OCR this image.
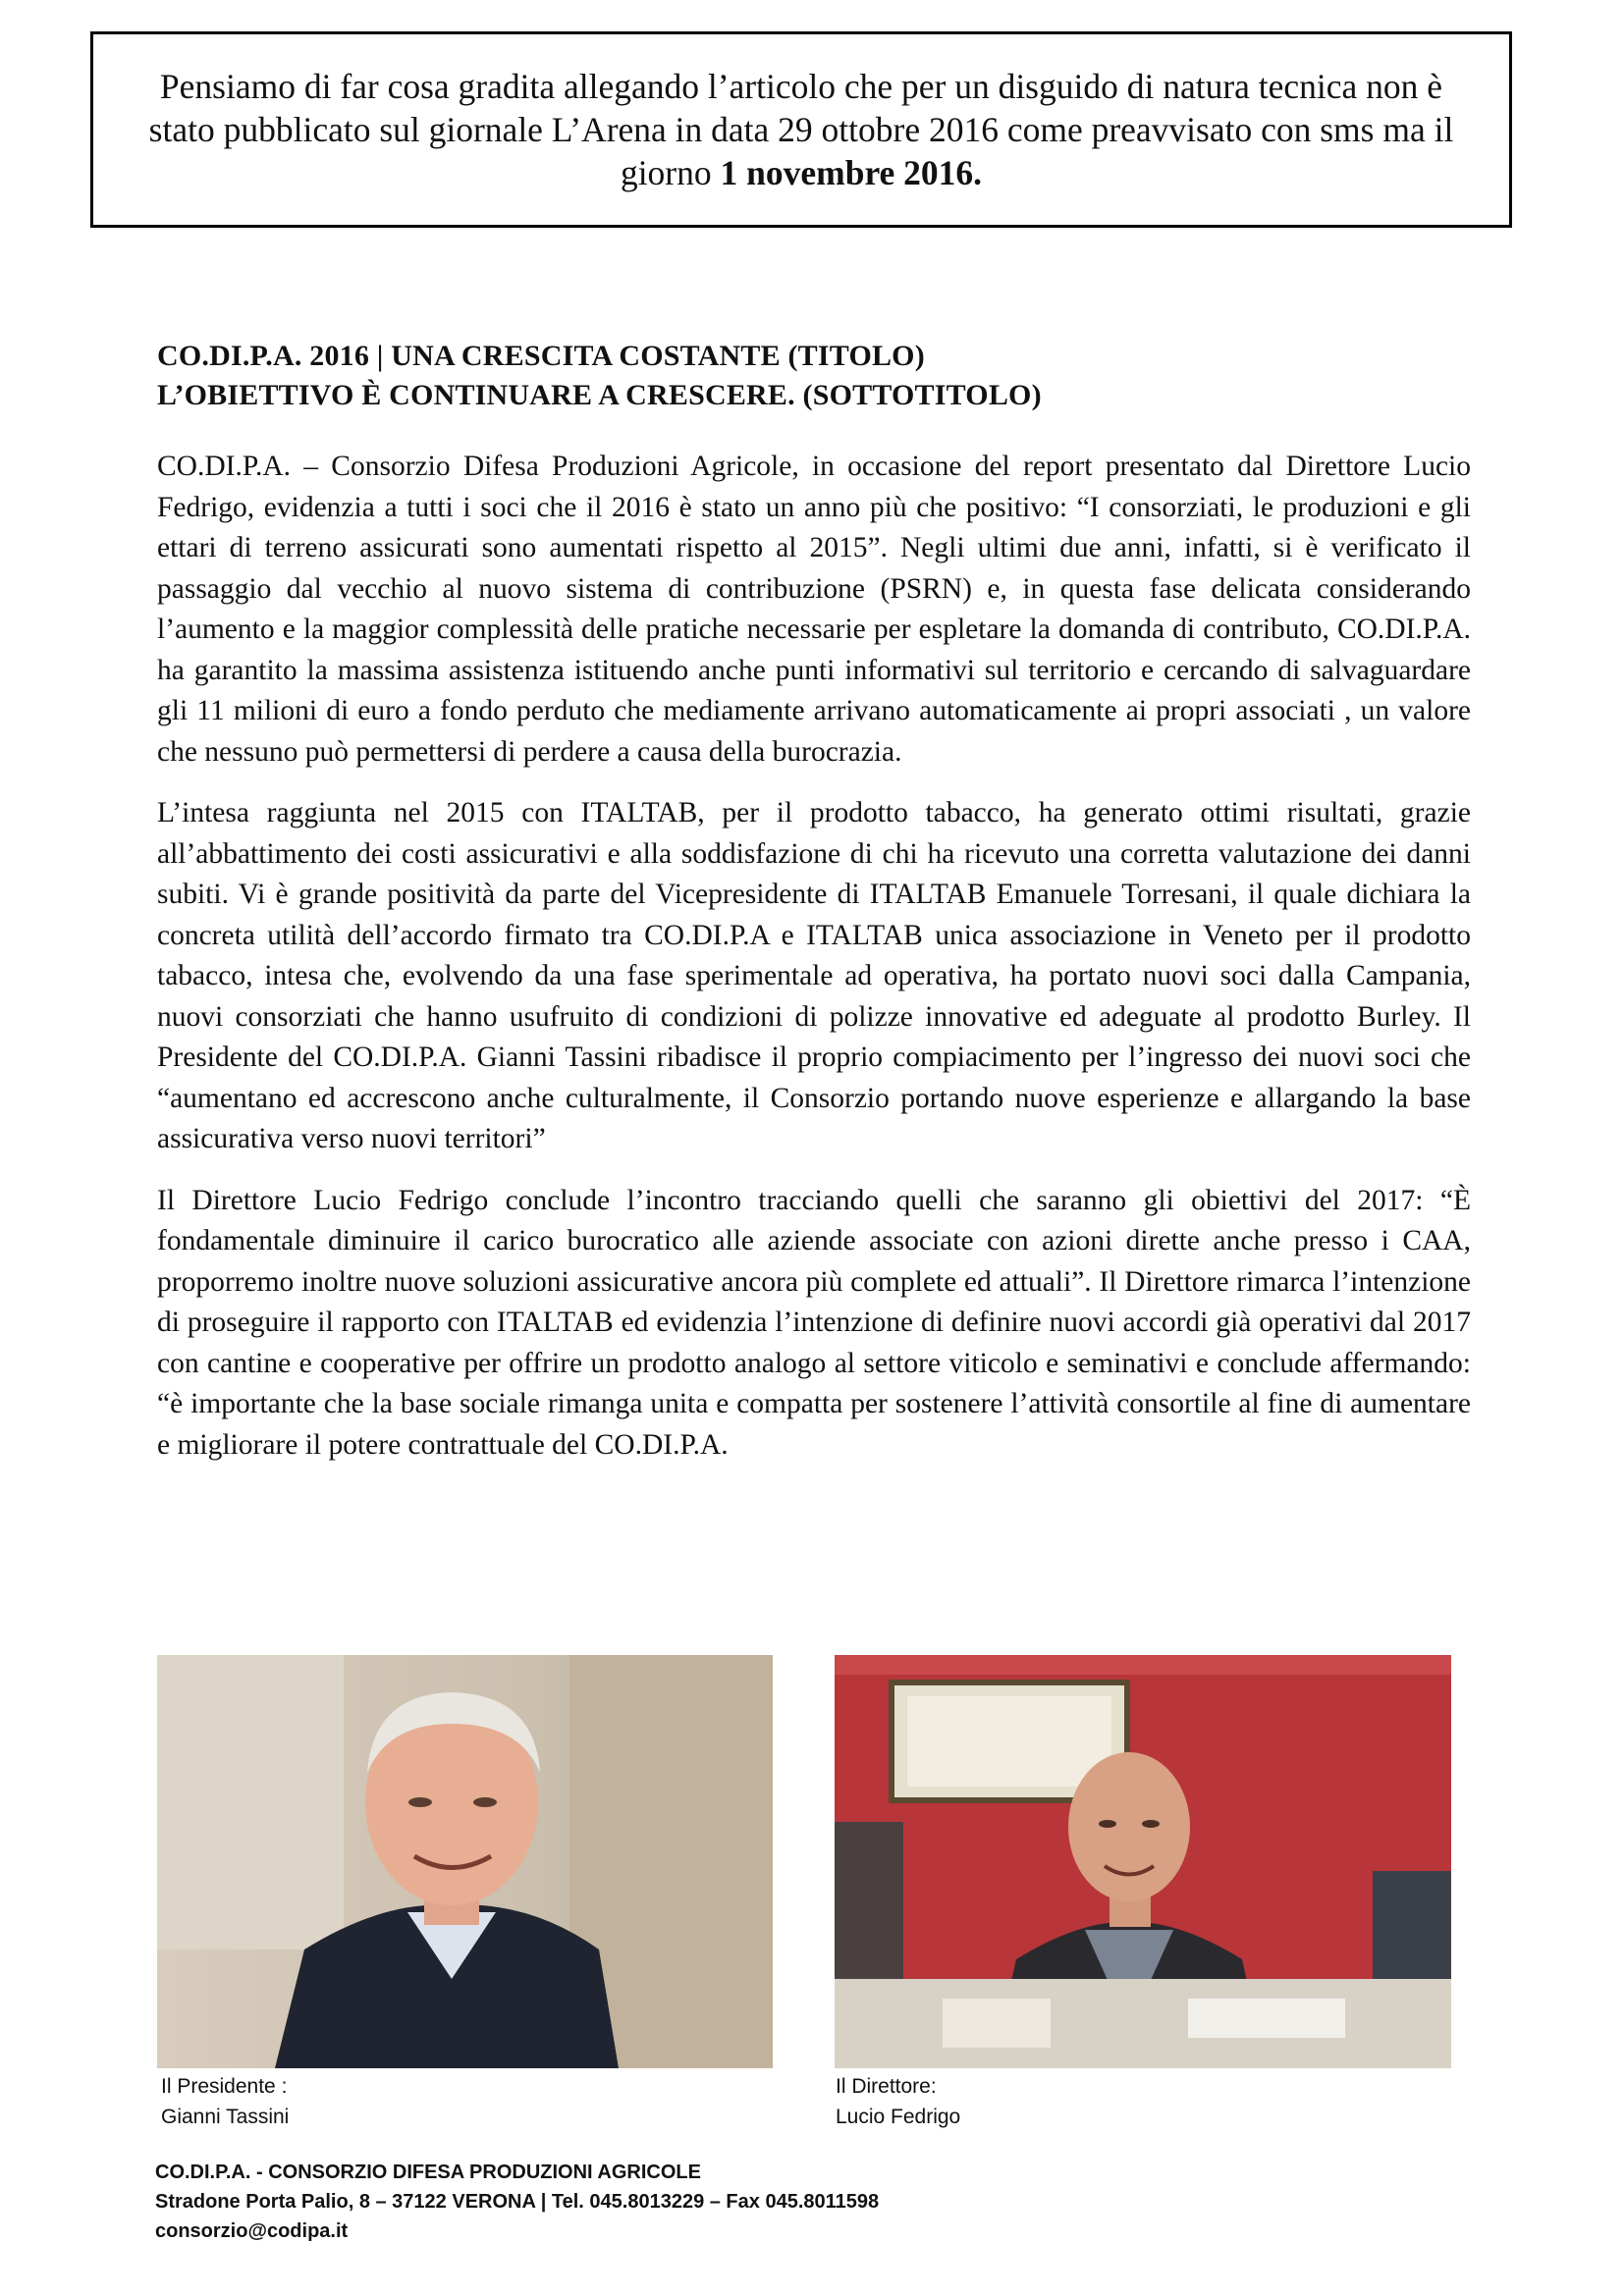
Pensiamo di far cosa gradita allegando l’articolo che per un disguido di natura tecnica non è stato pubblicato sul giornale L’Arena in data 29 ottobre 2016 come preavvisato con sms ma il giorno 1 novembre 2016.

CO.DI.P.A. 2016 | UNA CRESCITA COSTANTE (TITOLO)

L’OBIETTIVO È CONTINUARE A CRESCERE. (SOTTOTITOLO)

CO.DI.P.A. – Consorzio Difesa Produzioni Agricole, in occasione del report presentato dal Direttore Lucio Fedrigo, evidenzia a tutti i soci che il 2016 è stato un anno più che positivo: “I consorziati, le produzioni e gli ettari di terreno assicurati sono aumentati rispetto al 2015”. Negli ultimi due anni, infatti, si è verificato il passaggio dal vecchio al nuovo sistema di contribuzione (PSRN) e, in questa fase delicata considerando l’aumento e la maggior complessità delle pratiche necessarie per espletare la domanda di contributo, CO.DI.P.A. ha garantito la massima assistenza istituendo anche punti informativi sul territorio e cercando di salvaguardare gli 11 milioni di euro a fondo perduto che mediamente arrivano automaticamente ai propri associati , un valore che nessuno può permettersi di perdere a causa della burocrazia.

L’intesa raggiunta nel 2015 con ITALTAB, per il prodotto tabacco, ha generato ottimi risultati, grazie all’abbattimento dei costi assicurativi e alla soddisfazione di chi ha ricevuto una corretta valutazione dei danni subiti. Vi è grande positività da parte del Vicepresidente di ITALTAB Emanuele Torresani, il quale dichiara la concreta utilità dell’accordo firmato tra CO.DI.P.A e ITALTAB unica associazione in Veneto per il prodotto tabacco, intesa che, evolvendo da una fase sperimentale ad operativa, ha portato nuovi soci dalla Campania, nuovi consorziati che hanno usufruito di condizioni di polizze innovative ed adeguate al prodotto Burley. Il Presidente del CO.DI.P.A. Gianni Tassini ribadisce il proprio compiacimento per l’ingresso dei nuovi soci che “aumentano ed accrescono anche culturalmente, il Consorzio portando nuove esperienze e allargando la base assicurativa verso nuovi territori”

Il Direttore Lucio Fedrigo conclude l’incontro tracciando quelli che saranno gli obiettivi del 2017: “È fondamentale diminuire il carico burocratico alle aziende associate con azioni dirette anche presso i CAA, proporremo inoltre nuove soluzioni assicurative ancora più complete ed attuali”. Il Direttore rimarca l’intenzione di proseguire il rapporto con ITALTAB ed evidenzia l’intenzione di definire nuovi accordi già operativi dal 2017 con cantine e cooperative per offrire un prodotto analogo al settore viticolo e seminativi e conclude affermando: “è importante che la base sociale rimanga unita e compatta per sostenere l’attività consortile al fine di aumentare e migliorare il potere contrattuale del CO.DI.P.A.

Il Presidente :
Gianni Tassini
Il Direttore:
Lucio Fedrigo
CO.DI.P.A. - CONSORZIO DIFESA PRODUZIONI AGRICOLE
Stradone Porta Palio, 8 – 37122 VERONA | Tel. 045.8013229 – Fax 045.8011598
consorzio@codipa.it
